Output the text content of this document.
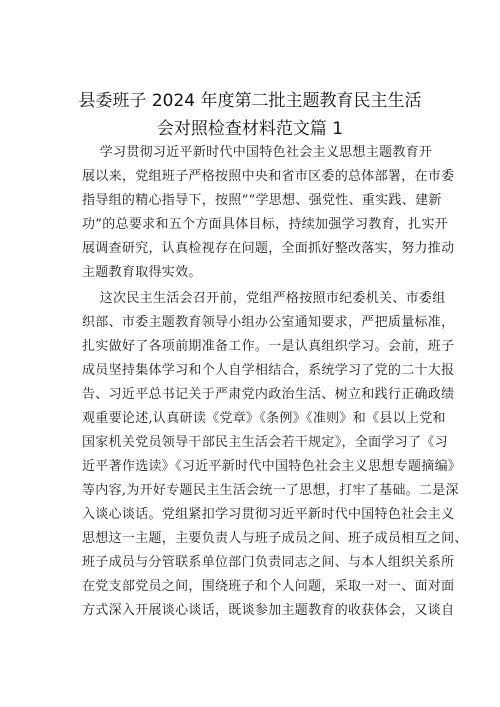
县委班子 2024 年度第二批主题教育民主生活
会对照检查材料范文篇 1
学习贯彻习近平新时代中国特色社会主义思想主题教育开
展以来，党组班子严格按照中央和省市区委的总体部署，在市委
指导组的精心指导下，按照““学思想、强党性、重实践、建新
功”的总要求和五个方面具体目标，持续加强学习教育，扎实开
展调查研究，认真检视存在问题，全面抓好整改落实，努力推动
主题教育取得实效。
这次民主生活会召开前，党组严格按照市纪委机关、市委组
织部、市委主题教育领导小组办公室通知要求，严把质量标准，
扎实做好了各项前期准备工作。一是认真组织学习。会前，班子
成员坚持集体学习和个人自学相结合，系统学习了党的二十大报
告、习近平总书记关于严肃党内政治生活、树立和践行正确政绩
观重要论述,认真研读《党章》《条例》《准则》和《县以上党和
国家机关党员领导干部民主生活会若干规定》，全面学习了《习
近平著作选读》《习近平新时代中国特色社会主义思想专题摘编》
等内容,为开好专题民主生活会统一了思想，打牢了基础。二是深
入谈心谈话。党组紧扣学习贯彻习近平新时代中国特色社会主义
思想这一主题，主要负责人与班子成员之间、班子成员相互之间、
班子成员与分管联系单位部门负责同志之间、与本人组织关系所
在党支部党员之间，围绕班子和个人问题，采取一对一、面对面
方式深入开展谈心谈话，既谈参加主题教育的收获体会，又谈自
